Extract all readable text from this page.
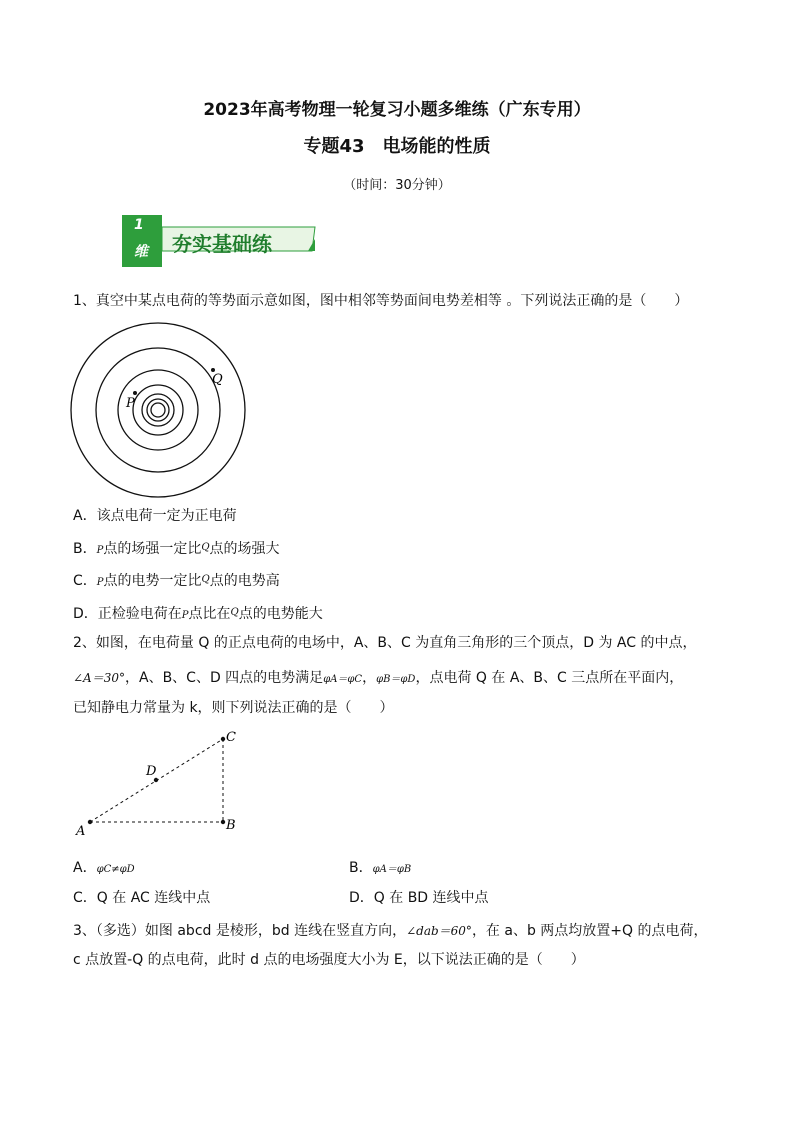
2023年高考物理一轮复习小题多维练（广东专用）
专题43　电场能的性质
（时间：30分钟）
1
维 夯实基础练
1、真空中某点电荷的等势面示意如图，图中相邻等势面间电势差相等 。下列说法正确的是（　　）
P
Q
A．该点电荷一定为正电荷
B．P点的场强一定比$^Q$点的场强大
C．P点的电势一定比$^Q$点的电势高
D．正检验电荷在P点比在$^Q$点的电势能大
2、如图，在电荷量 Q 的正点电荷的电场中，A、B、C 为直角三角形的三个顶点，D 为 AC 的中点，
∠A＝30°，A、B、C、D 四点的电势满足φA＝φC，φB＝φD，点电荷 Q 在 A、B、C 三点所在平面内，
已知静电力常量为 k，则下列说法正确的是（　　）
A	B
C
D
A．φC≠φD	B．φA＝φB
C．Q 在 AC 连线中点	D．Q 在 BD 连线中点
3、（多选）如图 abcd 是棱形，bd 连线在竖直方向，∠dab＝60°，在 a、b 两点均放置+Q 的点电荷，
c 点放置-Q 的点电荷，此时 d 点的电场强度大小为 E，以下说法正确的是（　　）
